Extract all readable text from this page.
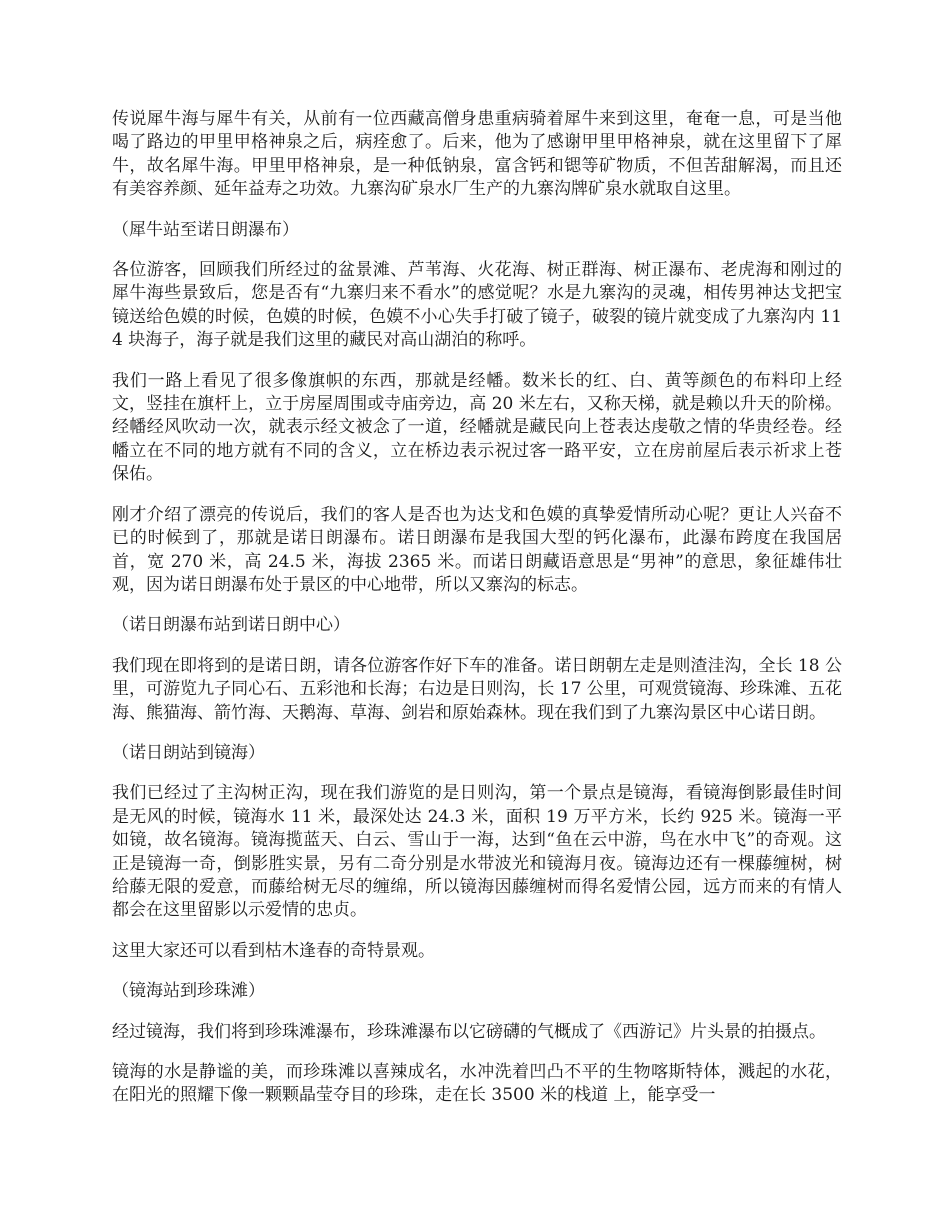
传说犀牛海与犀牛有关，从前有一位西藏高僧身患重病骑着犀牛来到这里，奄奄一息，可是当他喝了路边的甲里甲格神泉之后，病痊愈了。后来，他为了感谢甲里甲格神泉，就在这里留下了犀牛，故名犀牛海。甲里甲格神泉，是一种低钠泉，富含钙和锶等矿物质，不但苦甜解渴，而且还有美容养颜、延年益寿之功效。九寨沟矿泉水厂生产的九寨沟牌矿泉水就取自这里。

（犀牛站至诺日朗瀑布）

各位游客，回顾我们所经过的盆景滩、芦苇海、火花海、树正群海、树正瀑布、老虎海和刚过的犀牛海些景致后，您是否有“九寨归来不看水”的感觉呢？水是九寨沟的灵魂，相传男神达戈把宝镜送给色嫫的时候，色嫫的时候，色嫫不小心失手打破了镜子，破裂的镜片就变成了九寨沟内 114 块海子，海子就是我们这里的藏民对高山湖泊的称呼。

我们一路上看见了很多像旗帜的东西，那就是经幡。数米长的红、白、黄等颜色的布料印上经文，竖挂在旗杆上，立于房屋周围或寺庙旁边，高 20 米左右，又称天梯，就是赖以升天的阶梯。经幡经风吹动一次，就表示经文被念了一道，经幡就是藏民向上苍表达虔敬之情的华贵经卷。经幡立在不同的地方就有不同的含义，立在桥边表示祝过客一路平安，立在房前屋后表示祈求上苍保佑。

刚才介绍了漂亮的传说后，我们的客人是否也为达戈和色嫫的真挚爱情所动心呢？更让人兴奋不已的时候到了，那就是诺日朗瀑布。诺日朗瀑布是我国大型的钙化瀑布，此瀑布跨度在我国居首，宽 270 米，高 24.5 米，海拔 2365 米。而诺日朗藏语意思是“男神”的意思，象征雄伟壮观，因为诺日朗瀑布处于景区的中心地带，所以又寨沟的标志。

（诺日朗瀑布站到诺日朗中心）

我们现在即将到的是诺日朗，请各位游客作好下车的准备。诺日朗朝左走是则渣洼沟，全长 18 公里，可游览九子同心石、五彩池和长海；右边是日则沟，长 17 公里，可观赏镜海、珍珠滩、五花海、熊猫海、箭竹海、天鹅海、草海、剑岩和原始森林。现在我们到了九寨沟景区中心诺日朗。

（诺日朗站到镜海）

我们已经过了主沟树正沟，现在我们游览的是日则沟，第一个景点是镜海，看镜海倒影最佳时间是无风的时候，镜海水 11 米，最深处达 24.3 米，面积 19 万平方米，长约 925 米。镜海一平如镜，故名镜海。镜海揽蓝天、白云、雪山于一海，达到“鱼在云中游，鸟在水中飞”的奇观。这正是镜海一奇，倒影胜实景，另有二奇分别是水带波光和镜海月夜。镜海边还有一棵藤缠树，树给藤无限的爱意，而藤给树无尽的缠绵，所以镜海因藤缠树而得名爱情公园，远方而来的有情人都会在这里留影以示爱情的忠贞。

这里大家还可以看到枯木逢春的奇特景观。

（镜海站到珍珠滩）

经过镜海，我们将到珍珠滩瀑布，珍珠滩瀑布以它磅礴的气概成了《西游记》片头景的拍摄点。

镜海的水是静谧的美，而珍珠滩以喜辣成名，水冲洗着凹凸不平的生物喀斯特体，溅起的水花，在阳光的照耀下像一颗颗晶莹夺目的珍珠，走在长 3500 米的栈道 上，能享受一
